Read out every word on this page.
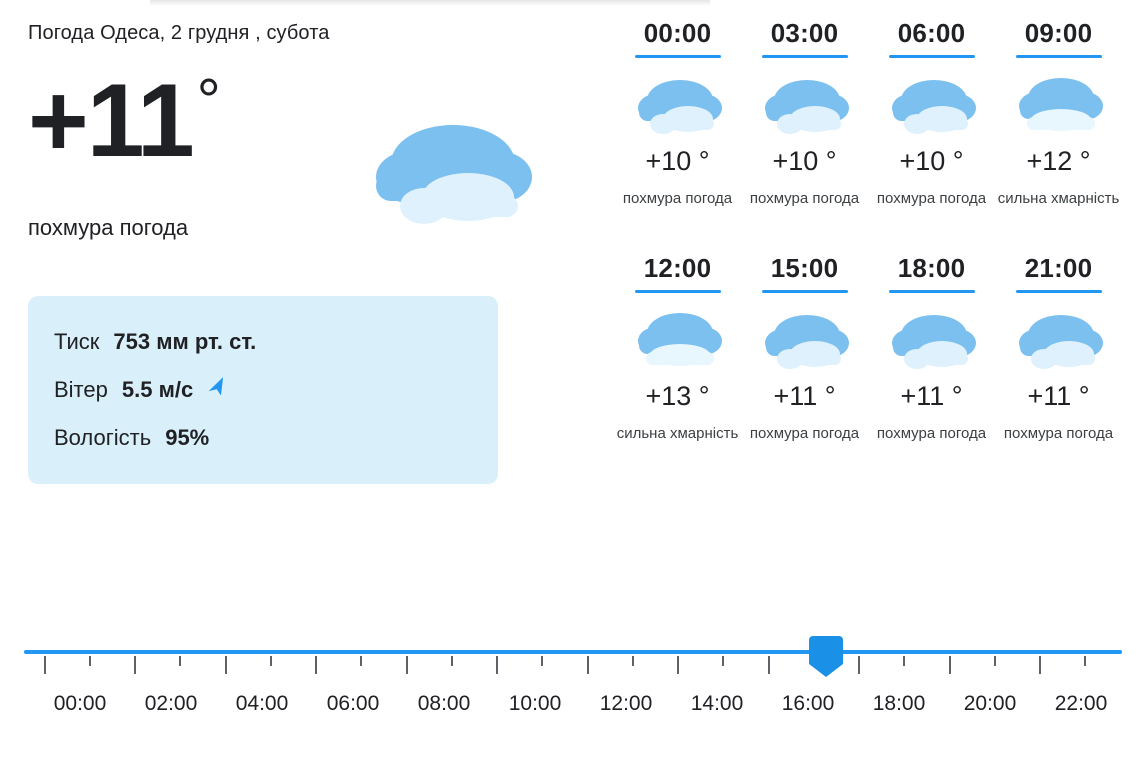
Погода Одеса, 2 грудня , субота
+11°
похмура погода
Тиск 753 мм рт. ст.
Вітер 5.5 м/с
Вологість 95%
00:00
+10 °
похмура погода
03:00
+10 °
похмура погода
06:00
+10 °
похмура погода
09:00
+12 °
сильна хмарність
12:00
+13 °
сильна хмарність
15:00
+11 °
похмура погода
18:00
+11 °
похмура погода
21:00
+11 °
похмура погода
00:00 02:00 04:00 06:00 08:00 10:00 12:00 14:00 16:00 18:00 20:00 22:00
